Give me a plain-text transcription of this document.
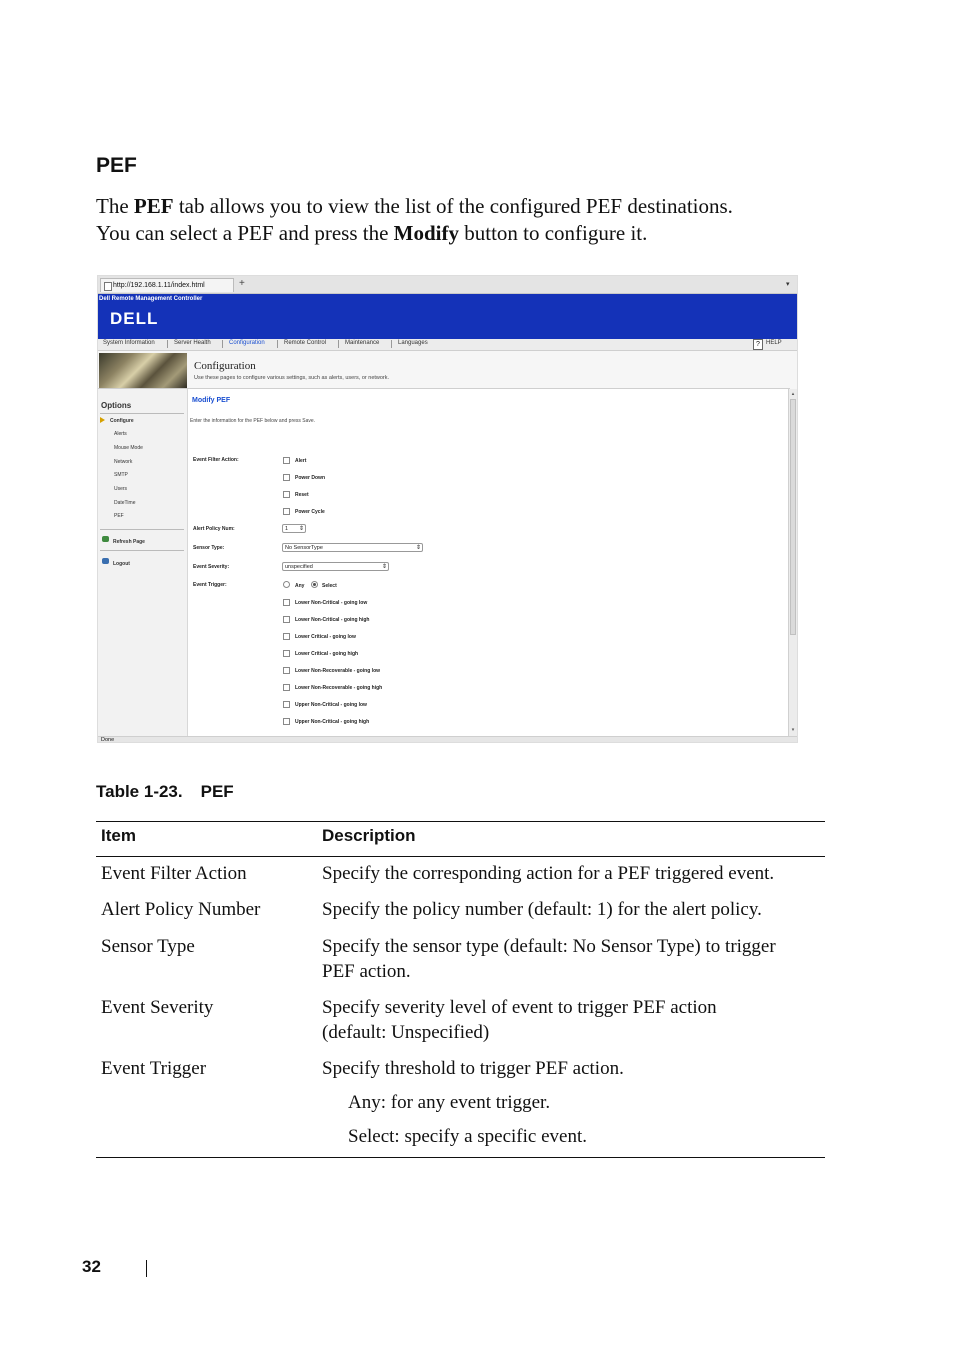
PEF

The PEF tab allows you to view the list of the configured PEF destinations.

You can select a PEF and press the Modify button to configure it.

http://192.168.1.11/index.html	+	▾
Dell Remote Management Controller
DELL
System Information	Server Health	Configuration	Remote Control	Maintenance	Languages	?	HELP
Configuration
Use these pages to configure various settings, such as alerts, users, or network.
Options
Configure
Alerts
Mouse Mode
Network
SMTP
Users
DateTime
PEF
Refresh Page
Logout
Modify PEF
Enter the information for the PEF below and press Save.
Event Filter Action:	Alert
Power Down
Reset
Power Cycle
Alert Policy Num:	1 ⇕
Sensor Type:	No SensorType	⇕
Event Severity:	unspecified	⇕
Event Trigger:	Any	Select
Lower Non-Critical - going low
Lower Non-Critical - going high
Lower Critical - going low
Lower Critical - going high
Lower Non-Recoverable - going low
Lower Non-Recoverable - going high
Upper Non-Critical - going low
Upper Non-Critical - going high
▴
▾
Done
Table 1-23. PEF
Item	Description
Event Filter Action	Specify the corresponding action for a PEF triggered event.
Alert Policy Number	Specify the policy number (default: 1) for the alert policy.
Sensor Type	Specify the sensor type (default: No Sensor Type) to trigger
PEF action.
Event Severity	Specify severity level of event to trigger PEF action
(default: Unspecified)
Event Trigger	Specify threshold to trigger PEF action.
Any: for any event trigger.
Select: specify a specific event.
32
